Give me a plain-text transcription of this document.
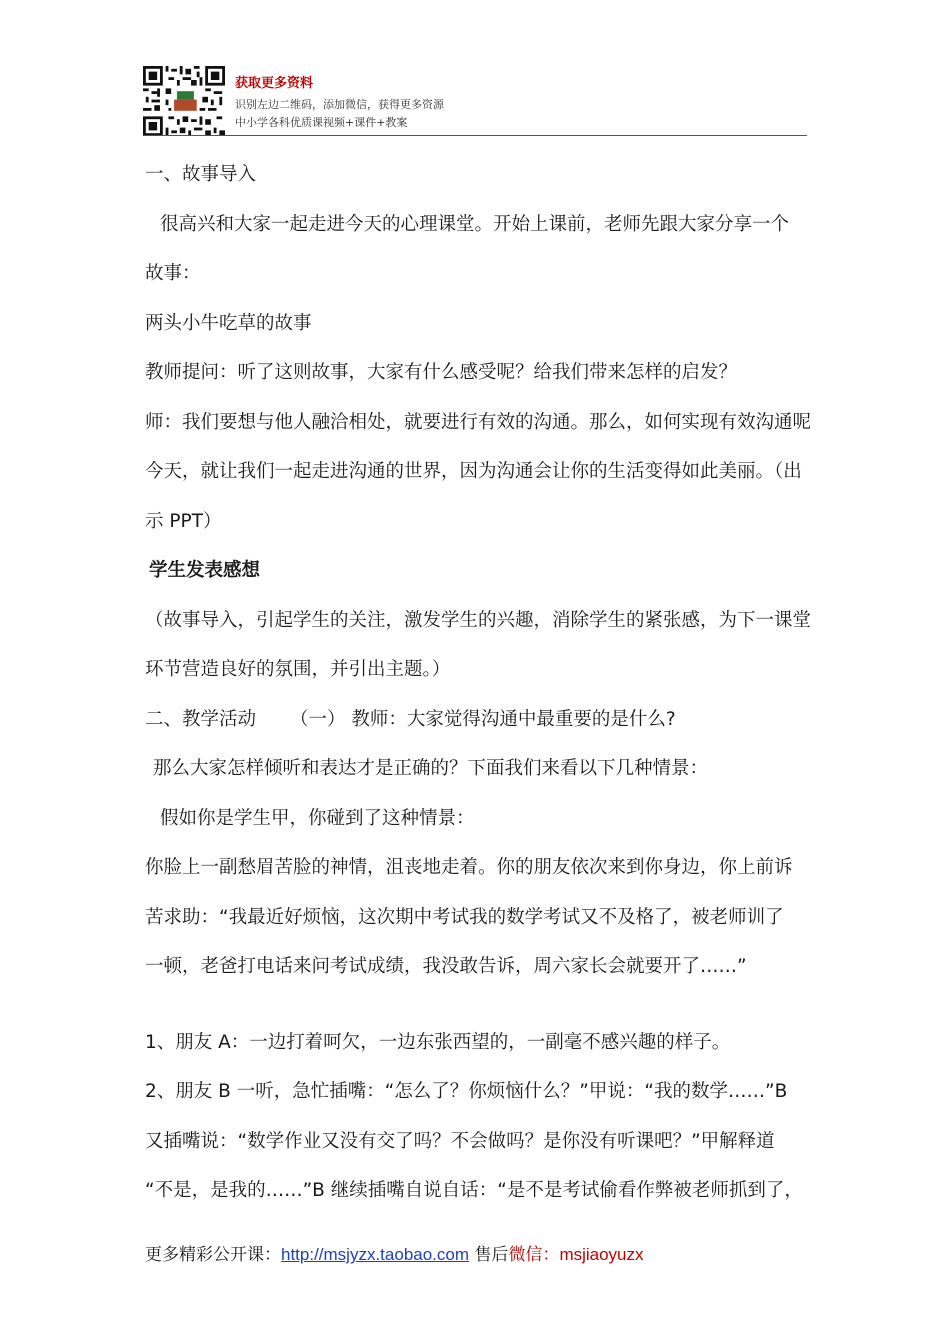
获取更多资料
识别左边二维码，添加微信，获得更多资源
中小学各科优质课视频+课件+教案

一、故事导入

很高兴和大家一起走进今天的心理课堂。开始上课前，老师先跟大家分享一个

故事：

两头小牛吃草的故事

教师提问：听了这则故事，大家有什么感受呢？给我们带来怎样的启发？

师：我们要想与他人融洽相处，就要进行有效的沟通。那么，如何实现有效沟通呢

今天，就让我们一起走进沟通的世界，因为沟通会让你的生活变得如此美丽。（出

示 PPT）

学生发表感想

（故事导入，引起学生的关注，激发学生的兴趣，消除学生的紧张感，为下一课堂

环节营造良好的氛围，并引出主题。）

二、教学活动 （一） 教师：大家觉得沟通中最重要的是什么?

那么大家怎样倾听和表达才是正确的？下面我们来看以下几种情景：

假如你是学生甲，你碰到了这种情景：

你脸上一副愁眉苦脸的神情，沮丧地走着。你的朋友依次来到你身边，你上前诉

苦求助：“我最近好烦恼，这次期中考试我的数学考试又不及格了，被老师训了

一顿，老爸打电话来问考试成绩，我没敢告诉，周六家长会就要开了……”

1、朋友 A：一边打着呵欠，一边东张西望的，一副毫不感兴趣的样子。

2、朋友 B 一听，急忙插嘴：“怎么了？你烦恼什么？”甲说：“我的数学……”B

又插嘴说：“数学作业又没有交了吗？不会做吗？是你没有听课吧？”甲解释道

“不是，是我的……”B 继续插嘴自说自话：“是不是考试偷看作弊被老师抓到了，

更多精彩公开课：http://msjyzx.taobao.com 售后微信：msjiaoyuzx
